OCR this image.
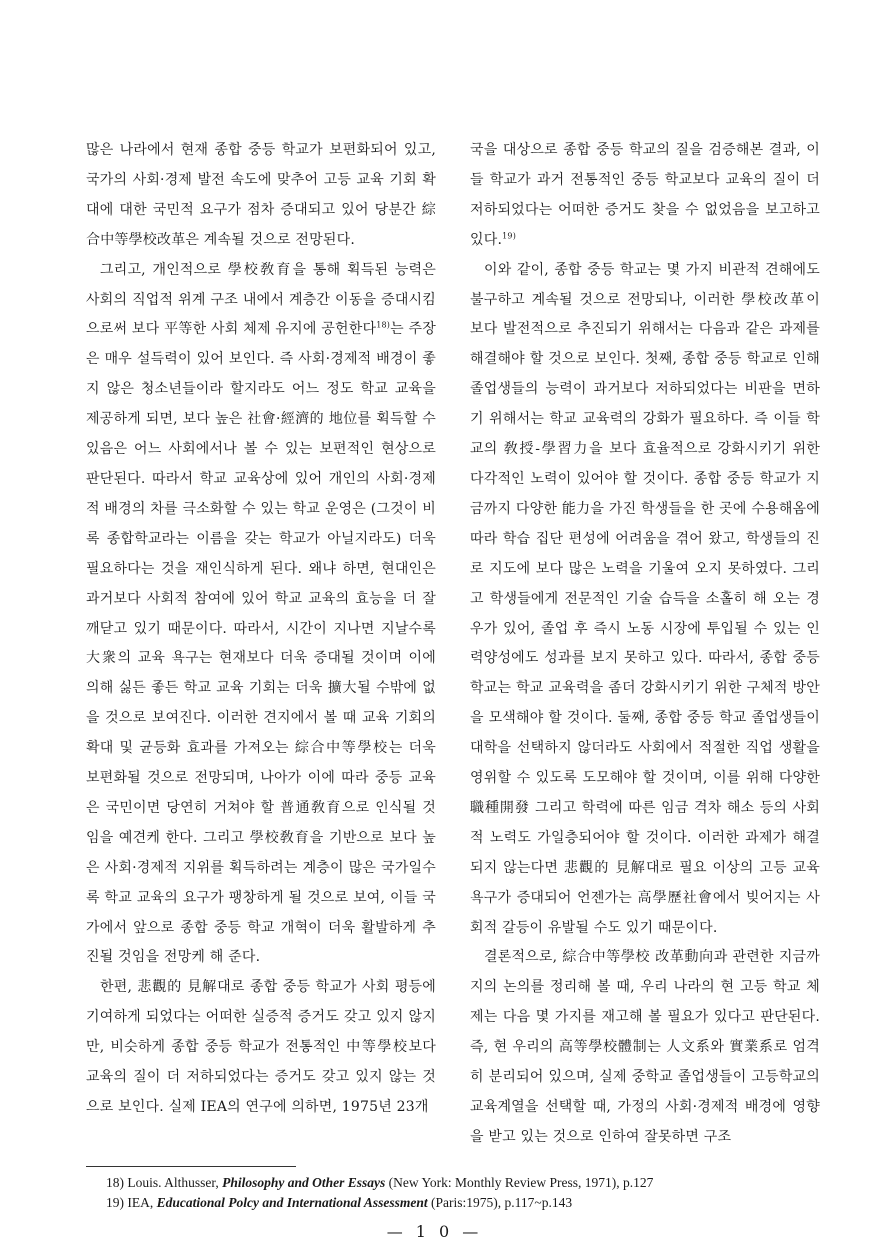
많은 나라에서 현재 종합 중등 학교가 보편화되어 있고, 국가의 사회·경제 발전 속도에 맞추어 고등 교육 기회 확대에 대한 국민적 요구가 점차 증대되고 있어 당분간 綜合中等學校改革은 계속될 것으로 전망된다.

그리고, 개인적으로 學校敎育을 통해 획득된 능력은 사회의 직업적 위계 구조 내에서 계층간 이동을 증대시킴으로써 보다 平等한 사회 체제 유지에 공헌한다$^{18)}$는 주장은 매우 설득력이 있어 보인다. 즉 사회·경제적 배경이 좋지 않은 청소년들이라 할지라도 어느 정도 학교 교육을 제공하게 되면, 보다 높은 社會·經濟的 地位를 획득할 수 있음은 어느 사회에서나 볼 수 있는 보편적인 현상으로 판단된다. 따라서 학교 교육상에 있어 개인의 사회·경제적 배경의 차를 극소화할 수 있는 학교 운영은 (그것이 비록 종합학교라는 이름을 갖는 학교가 아닐지라도) 더욱 필요하다는 것을 재인식하게 된다. 왜냐 하면, 현대인은 과거보다 사회적 참여에 있어 학교 교육의 효능을 더 잘 깨닫고 있기 때문이다. 따라서, 시간이 지나면 지날수록 大衆의 교육 욕구는 현재보다 더욱 증대될 것이며 이에 의해 싫든 좋든 학교 교육 기회는 더욱 擴大될 수밖에 없을 것으로 보여진다. 이러한 견지에서 볼 때 교육 기회의 확대 및 균등화 효과를 가져오는 綜合中等學校는 더욱 보편화될 것으로 전망되며, 나아가 이에 따라 중등 교육은 국민이면 당연히 거쳐야 할 普通敎育으로 인식될 것임을 예견케 한다. 그리고 學校敎育을 기반으로 보다 높은 사회·경제적 지위를 획득하려는 계층이 많은 국가일수록 학교 교육의 요구가 팽창하게 될 것으로 보여, 이들 국가에서 앞으로 종합 중등 학교 개혁이 더욱 활발하게 추진될 것임을 전망케 해 준다.

한편, 悲觀的 見解대로 종합 중등 학교가 사회 평등에 기여하게 되었다는 어떠한 실증적 증거도 갖고 있지 않지만, 비슷하게 종합 중등 학교가 전통적인 中等學校보다 교육의 질이 더 저하되었다는 증거도 갖고 있지 않는 것으로 보인다. 실제 IEA의 연구에 의하면, 1975년 23개

국을 대상으로 종합 중등 학교의 질을 검증해본 결과, 이들 학교가 과거 전통적인 중등 학교보다 교육의 질이 더 저하되었다는 어떠한 증거도 찾을 수 없었음을 보고하고 있다.$^{19)}$

이와 같이, 종합 중등 학교는 몇 가지 비관적 견해에도 불구하고 계속될 것으로 전망되나, 이러한 學校改革이 보다 발전적으로 추진되기 위해서는 다음과 같은 과제를 해결해야 할 것으로 보인다. 첫째, 종합 중등 학교로 인해 졸업생들의 능력이 과거보다 저하되었다는 비판을 면하기 위해서는 학교 교육력의 강화가 필요하다. 즉 이들 학교의 敎授-學習力을 보다 효율적으로 강화시키기 위한 다각적인 노력이 있어야 할 것이다. 종합 중등 학교가 지금까지 다양한 能力을 가진 학생들을 한 곳에 수용해옴에 따라 학습 집단 편성에 어려움을 겪어 왔고, 학생들의 진로 지도에 보다 많은 노력을 기울여 오지 못하였다. 그리고 학생들에게 전문적인 기술 습득을 소홀히 해 오는 경우가 있어, 졸업 후 즉시 노동 시장에 투입될 수 있는 인력양성에도 성과를 보지 못하고 있다. 따라서, 종합 중등 학교는 학교 교육력을 좀더 강화시키기 위한 구체적 방안을 모색해야 할 것이다. 둘째, 종합 중등 학교 졸업생들이 대학을 선택하지 않더라도 사회에서 적절한 직업 생활을 영위할 수 있도록 도모해야 할 것이며, 이를 위해 다양한 職種開發 그리고 학력에 따른 임금 격차 해소 등의 사회적 노력도 가일층되어야 할 것이다. 이러한 과제가 해결되지 않는다면 悲觀的 見解대로 필요 이상의 고등 교육 욕구가 증대되어 언젠가는 高學歷社會에서 빚어지는 사회적 갈등이 유발될 수도 있기 때문이다.

결론적으로, 綜合中等學校 改革動向과 관련한 지금까지의 논의를 정리해 볼 때, 우리 나라의 현 고등 학교 체제는 다음 몇 가지를 재고해 볼 필요가 있다고 판단된다. 즉, 현 우리의 高等學校體制는 人文系와 實業系로 엄격히 분리되어 있으며, 실제 중학교 졸업생들이 고등학교의 교육계열을 선택할 때, 가정의 사회·경제적 배경에 영향을 받고 있는 것으로 인하여 잘못하면 구조

18) Louis. Althusser, Philosophy and Other Essays (New York: Monthly Review Press, 1971), p.127
19) IEA, Educational Polcy and International Assessment (Paris:1975), p.117~p.143
— 1 0 —
